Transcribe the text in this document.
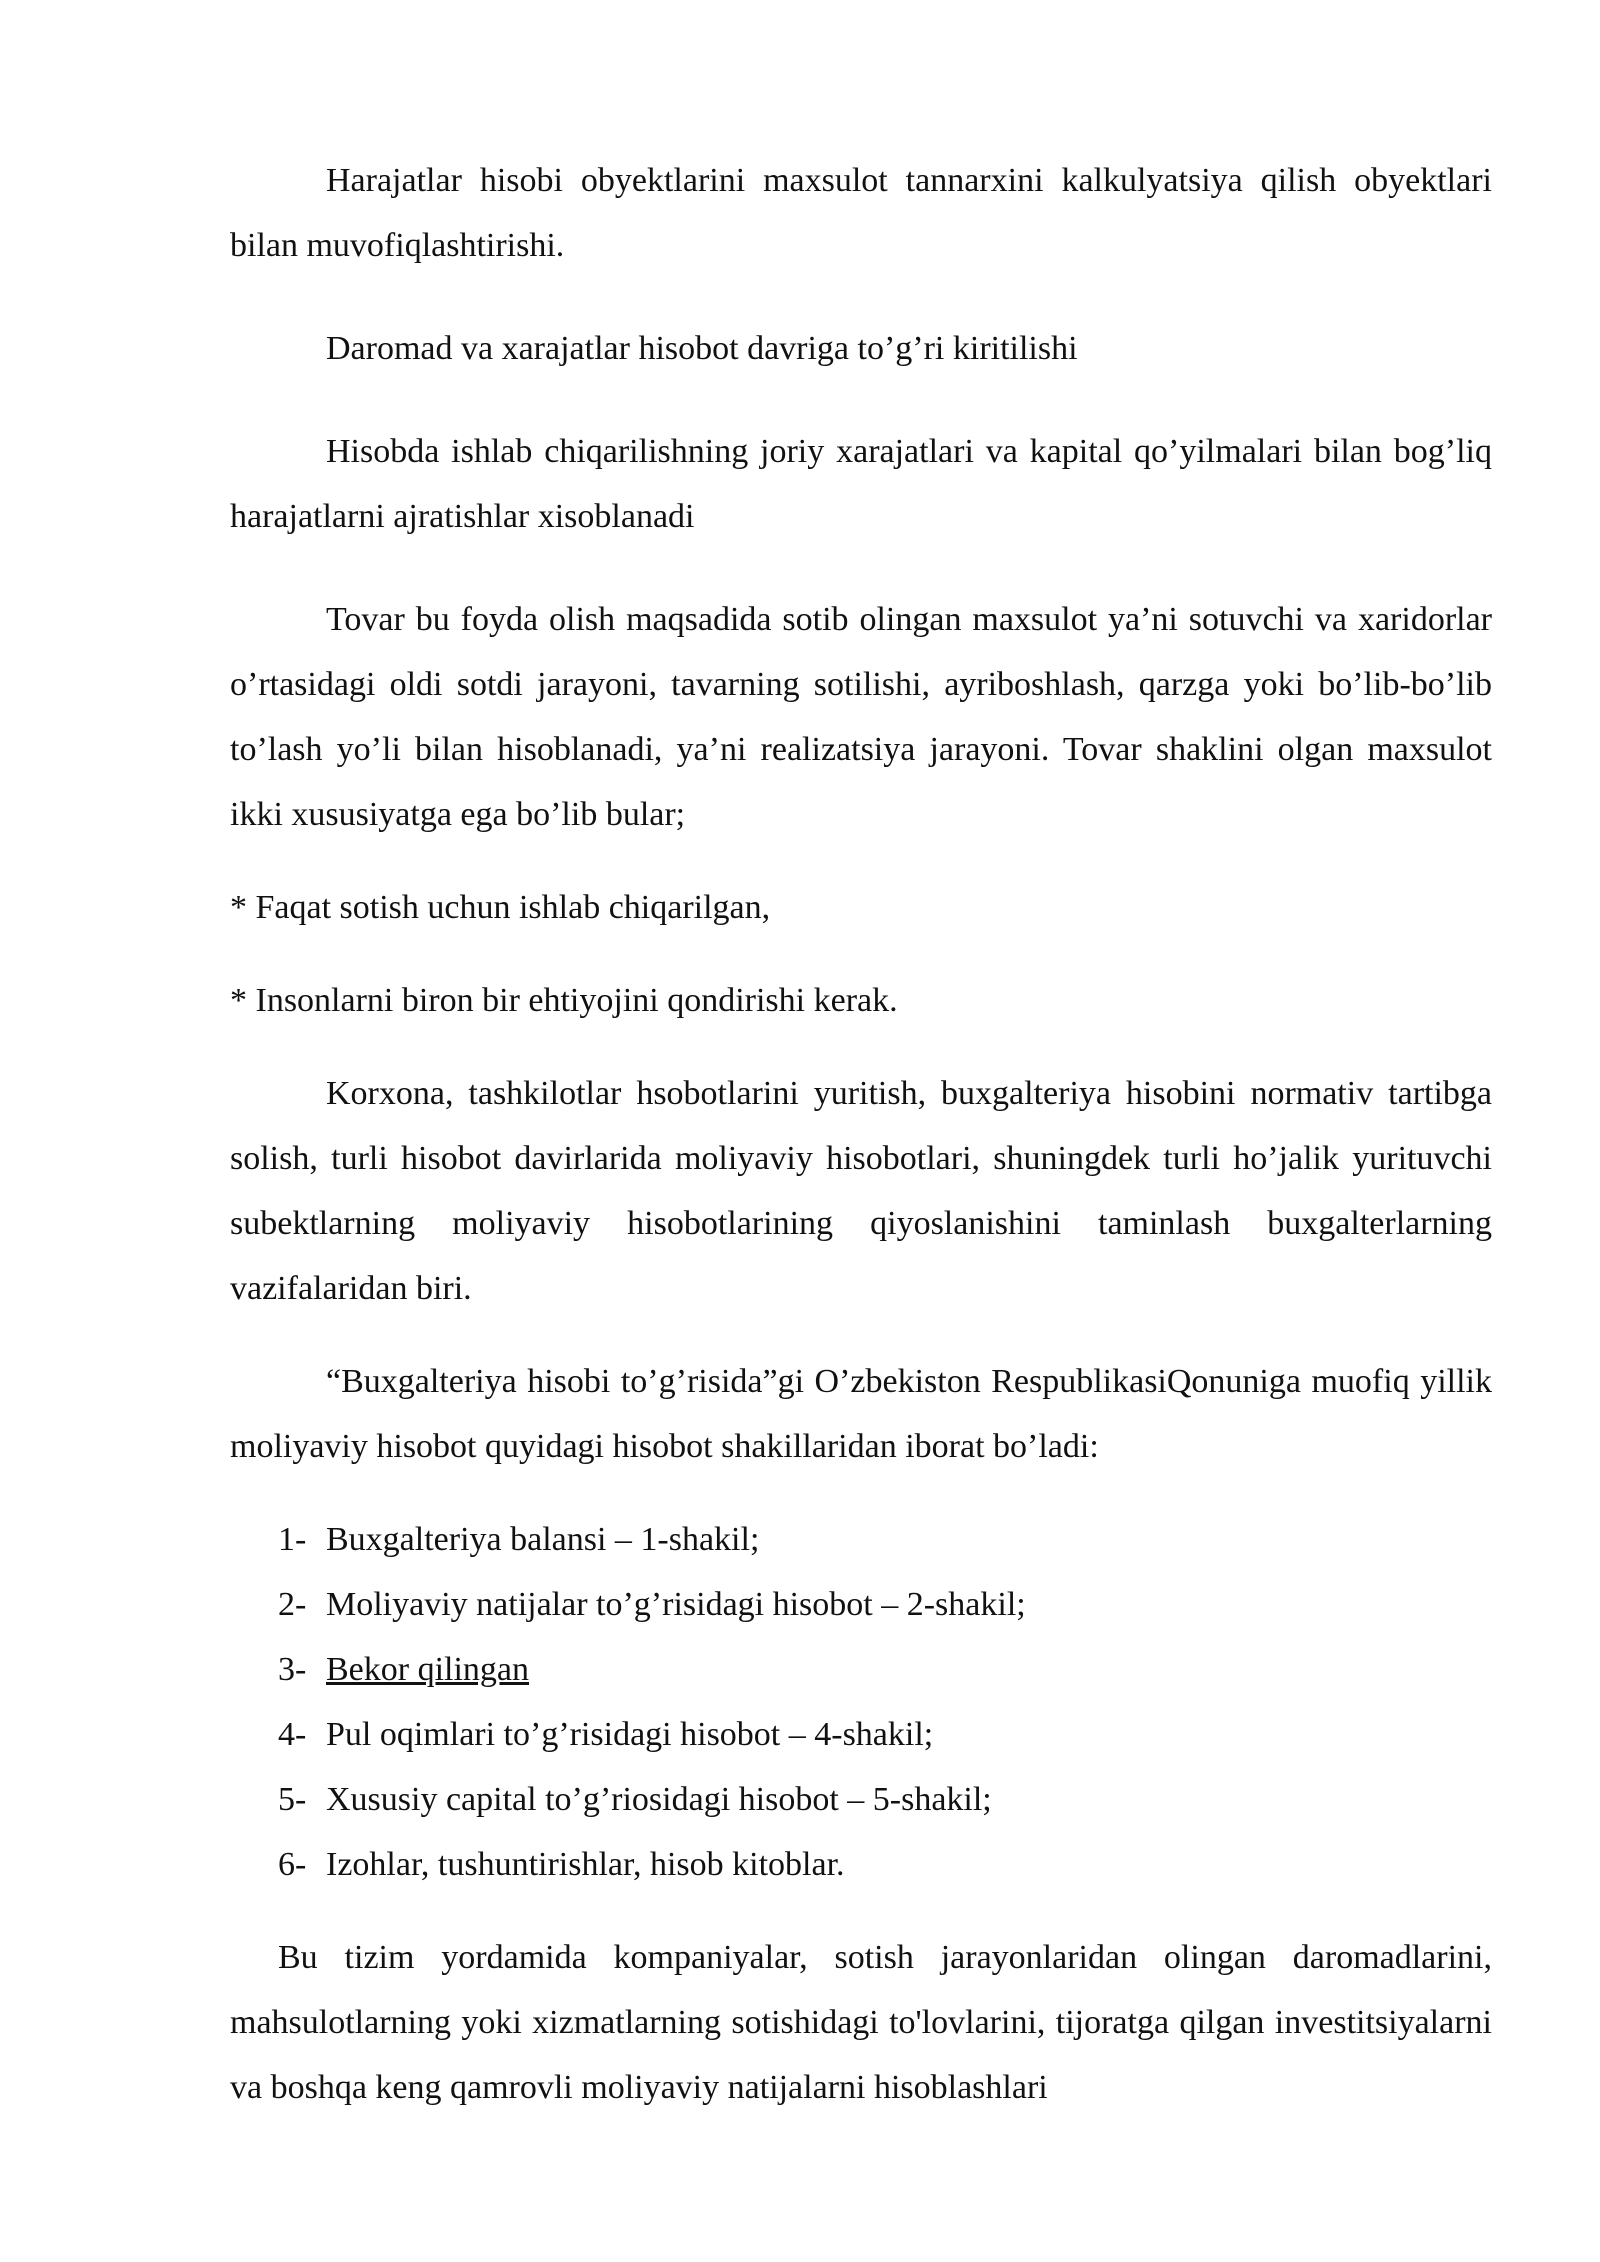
Harajatlar hisobi obyektlarini maxsulot tannarxini kalkulyatsiya qilish obyektlari bilan muvofiqlashtirishi.

Daromad va xarajatlar hisobot davriga to’g’ri kiritilishi

Hisobda ishlab chiqarilishning joriy xarajatlari va kapital qo’yilmalari bilan bog’liq harajatlarni ajratishlar xisoblanadi

Tovar bu foyda olish maqsadida sotib olingan maxsulot ya’ni sotuvchi va xaridorlar o’rtasidagi oldi sotdi jarayoni, tavarning sotilishi, ayriboshlash, qarzga yoki bo’lib-bo’lib to’lash yo’li bilan hisoblanadi, ya’ni realizatsiya jarayoni. Tovar shaklini olgan maxsulot ikki xususiyatga ega bo’lib bular;

* Faqat sotish uchun ishlab chiqarilgan,

* Insonlarni biron bir ehtiyojini qondirishi kerak.

Korxona, tashkilotlar hsobotlarini yuritish, buxgalteriya hisobini normativ tartibga solish, turli hisobot davirlarida moliyaviy hisobotlari, shuningdek turli ho’jalik yurituvchi subektlarning moliyaviy hisobotlarining qiyoslanishini taminlash buxgalterlarning vazifalaridan biri.

“Buxgalteriya hisobi to’g’risida”gi O’zbekiston RespublikasiQonuniga muofiq yillik moliyaviy hisobot quyidagi hisobot shakillaridan iborat bo’ladi:

1- Buxgalteriya balansi – 1-shakil;
2- Moliyaviy natijalar to’g’risidagi hisobot – 2-shakil;
3- Bekor qilingan
4- Pul oqimlari to’g’risidagi hisobot – 4-shakil;
5- Xususiy capital to’g’riosidagi hisobot – 5-shakil;
6- Izohlar, tushuntirishlar, hisob kitoblar.

Bu tizim yordamida kompaniyalar, sotish jarayonlaridan olingan daromadlarini, mahsulotlarning yoki xizmatlarning sotishidagi to'lovlarini, tijoratga qilgan investitsiyalarni va boshqa keng qamrovli moliyaviy natijalarni hisoblashlari
